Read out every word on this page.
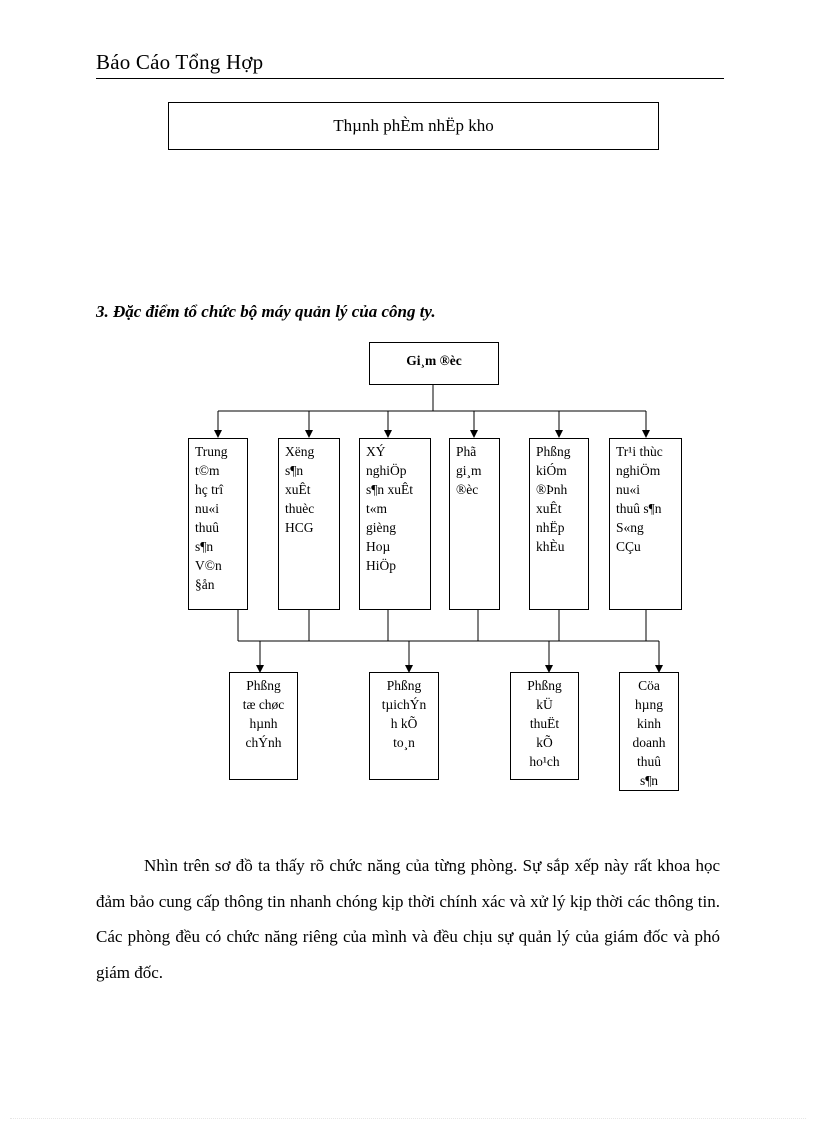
Báo Cáo Tổng Hợp
Thµnh phÈm nhËp kho
3. Đặc điểm tổ chức bộ máy quản lý của công ty.
Gi¸m ®èc
Trung
t©m
hç trî
nu«i
thuû
s¶n
V©n
§ån
Xëng
s¶n
xuÊt
thuèc
HCG
XÝ
nghiÖp
s¶n xuÊt
t«m
gièng
Hoµ
HiÖp
Phã
gi¸m
®èc
Phßng
kiÓm
®Þnh
xuÊt
nhËp
khÈu
Tr¹i thùc
nghiÖm
nu«i
thuû s¶n
S«ng
CÇu
Phßng
tæ chøc
hµnh
chÝnh
Phßng
tµichÝn
h kÕ
to¸n
Phßng
kÜ
thuËt
kÕ
ho¹ch
Cöa
hµng
kinh
doanh
thuû
s¶n
Nhìn trên sơ đồ ta thấy rõ chức năng của từng phòng. Sự sắp xếp này rất khoa học đảm bảo cung cấp thông tin nhanh chóng kịp thời chính xác và xử lý kịp thời các thông tin. Các phòng đều có chức năng riêng của mình và đều chịu sự quản lý của giám đốc và phó giám đốc.
